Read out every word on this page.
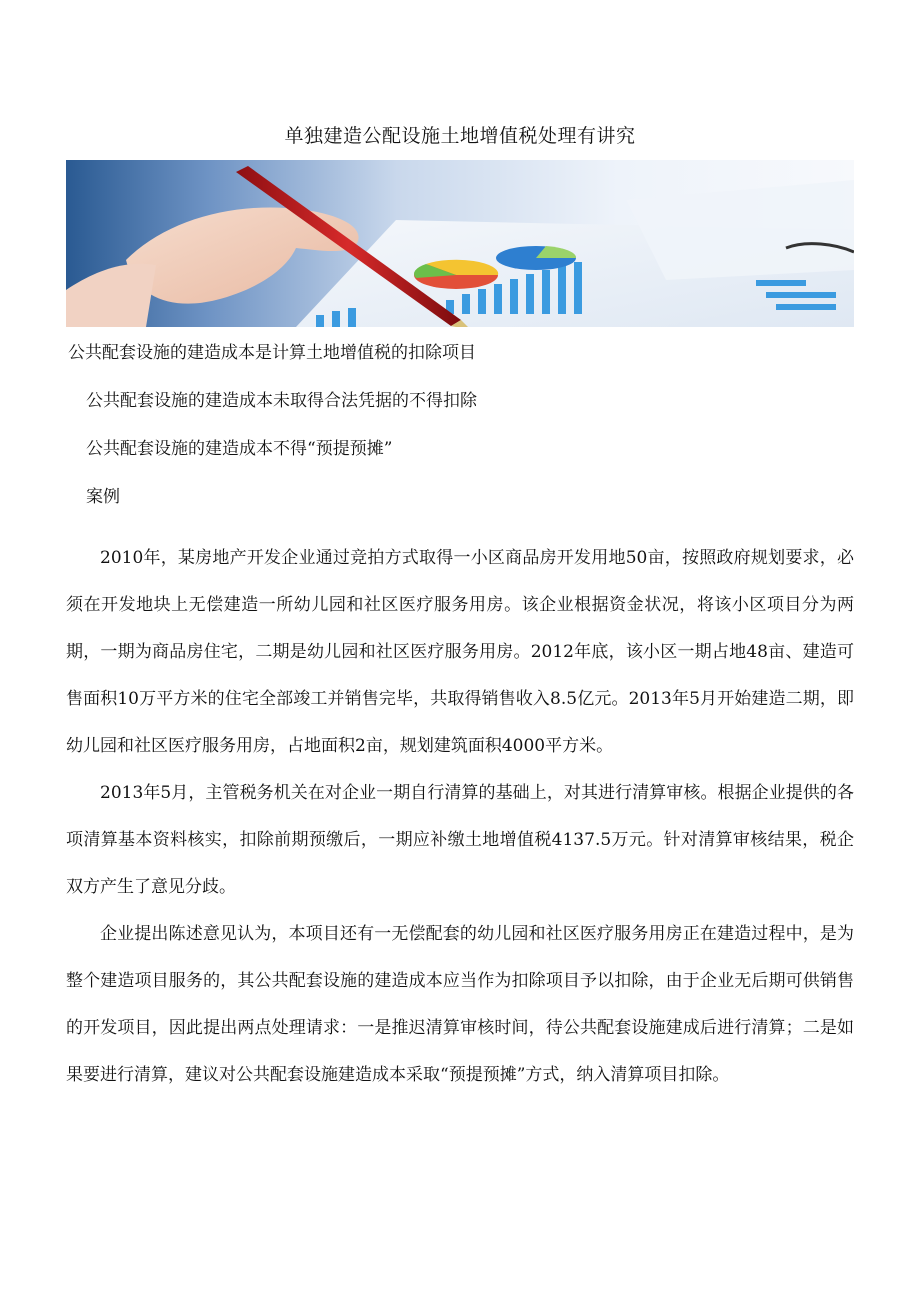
单独建造公配设施土地增值税处理有讲究

公共配套设施的建造成本是计算土地增值税的扣除项目

公共配套设施的建造成本未取得合法凭据的不得扣除

公共配套设施的建造成本不得“预提预摊”

案例

2010年，某房地产开发企业通过竞拍方式取得一小区商品房开发用地50亩，按照政府规划要求，必须在开发地块上无偿建造一所幼儿园和社区医疗服务用房。该企业根据资金状况，将该小区项目分为两期，一期为商品房住宅，二期是幼儿园和社区医疗服务用房。2012年底，该小区一期占地48亩、建造可售面积10万平方米的住宅全部竣工并销售完毕，共取得销售收入8.5亿元。2013年5月开始建造二期，即幼儿园和社区医疗服务用房，占地面积2亩，规划建筑面积4000平方米。

2013年5月，主管税务机关在对企业一期自行清算的基础上，对其进行清算审核。根据企业提供的各项清算基本资料核实，扣除前期预缴后，一期应补缴土地增值税4137.5万元。针对清算审核结果，税企双方产生了意见分歧。

企业提出陈述意见认为，本项目还有一无偿配套的幼儿园和社区医疗服务用房正在建造过程中，是为整个建造项目服务的，其公共配套设施的建造成本应当作为扣除项目予以扣除，由于企业无后期可供销售的开发项目，因此提出两点处理请求：一是推迟清算审核时间，待公共配套设施建成后进行清算；二是如果要进行清算，建议对公共配套设施建造成本采取“预提预摊”方式，纳入清算项目扣除。
